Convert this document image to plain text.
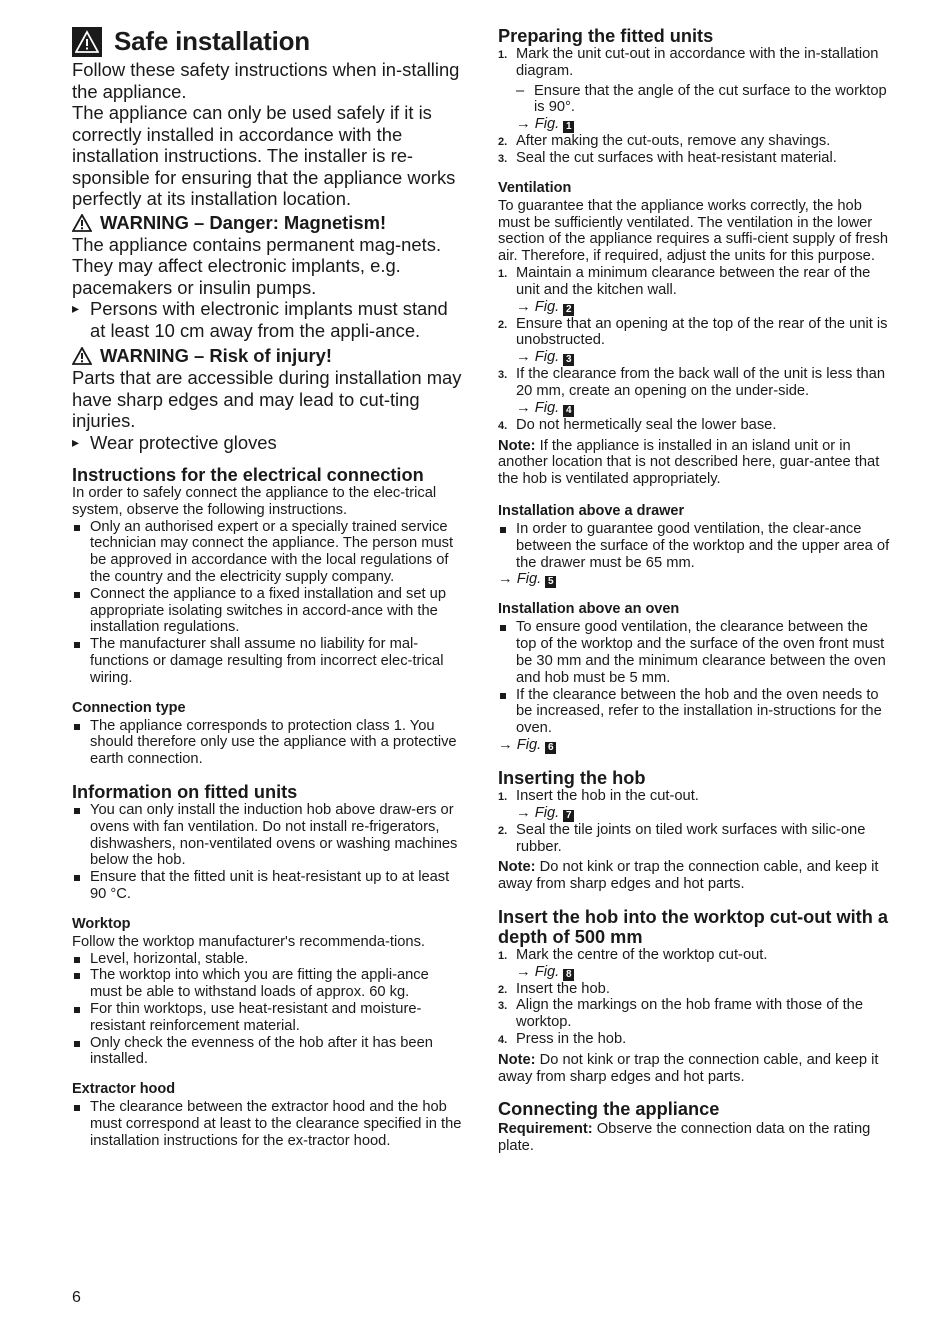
Safe installation

Follow these safety instructions when in-stalling the appliance.

The appliance can only be used safely if it is correctly installed in accordance with the installation instructions. The installer is re-sponsible for ensuring that the appliance works perfectly at its installation location.

WARNING – Danger: Magnetism!

The appliance contains permanent mag-nets. They may affect electronic implants, e.g. pacemakers or insulin pumps.

▸ Persons with electronic implants must stand at least 10 cm away from the appli-ance.
WARNING – Risk of injury!

Parts that are accessible during installation may have sharp edges and may lead to cut-ting injuries.

▸ Wear protective gloves
Instructions for the electrical connection

In order to safely connect the appliance to the elec-trical system, observe the following instructions.

Only an authorised expert or a specially trained service technician may connect the appliance. The person must be approved in accordance with the local regulations of the country and the electricity supply company.
Connect the appliance to a fixed installation and set up appropriate isolating switches in accord-ance with the installation regulations.
The manufacturer shall assume no liability for mal-functions or damage resulting from incorrect elec-trical wiring.
Connection type
The appliance corresponds to protection class 1. You should therefore only use the appliance with a protective earth connection.
Information on fitted units
You can only install the induction hob above draw-ers or ovens with fan ventilation. Do not install re-frigerators, dishwashers, non-ventilated ovens or washing machines below the hob.
Ensure that the fitted unit is heat-resistant up to at least 90 °C.
Worktop

Follow the worktop manufacturer's recommenda-tions.

Level, horizontal, stable.
The worktop into which you are fitting the appli-ance must be able to withstand loads of approx. 60 kg.
For thin worktops, use heat-resistant and moisture-resistant reinforcement material.
Only check the evenness of the hob after it has been installed.
Extractor hood
The clearance between the extractor hood and the hob must correspond at least to the clearance specified in the installation instructions for the ex-tractor hood.
6
Preparing the fitted units
1. Mark the unit cut-out in accordance with the in-stallation diagram.
– Ensure that the angle of the cut surface to the worktop is 90°.
→ Fig. 1
2. After making the cut-outs, remove any shavings.
3. Seal the cut surfaces with heat-resistant material.
Ventilation

To guarantee that the appliance works correctly, the hob must be sufficiently ventilated. The ventilation in the lower section of the appliance requires a suffi-cient supply of fresh air. Therefore, if required, adjust the units for this purpose.

1. Maintain a minimum clearance between the rear of the unit and the kitchen wall.
→ Fig. 2
2. Ensure that an opening at the top of the rear of the unit is unobstructed.
→ Fig. 3
3. If the clearance from the back wall of the unit is less than 20 mm, create an opening on the under-side.
→ Fig. 4
4. Do not hermetically seal the lower base.

Note: If the appliance is installed in an island unit or in another location that is not described here, guar-antee that the hob is ventilated appropriately.

Installation above a drawer
In order to guarantee good ventilation, the clear-ance between the surface of the worktop and the upper area of the drawer must be 65 mm.
→ Fig. 5
Installation above an oven
To ensure good ventilation, the clearance between the top of the worktop and the surface of the oven front must be 30 mm and the minimum clearance between the oven and hob must be 5 mm.
If the clearance between the hob and the oven needs to be increased, refer to the installation in-structions for the oven.
→ Fig. 6
Inserting the hob
1. Insert the hob in the cut-out.
→ Fig. 7
2. Seal the tile joints on tiled work surfaces with silic-one rubber.

Note: Do not kink or trap the connection cable, and keep it away from sharp edges and hot parts.

Insert the hob into the worktop cut-out with a depth of 500 mm
1. Mark the centre of the worktop cut-out.
→ Fig. 8
2. Insert the hob.
3. Align the markings on the hob frame with those of the worktop.
4. Press in the hob.

Note: Do not kink or trap the connection cable, and keep it away from sharp edges and hot parts.

Connecting the appliance

Requirement: Observe the connection data on the rating plate.
